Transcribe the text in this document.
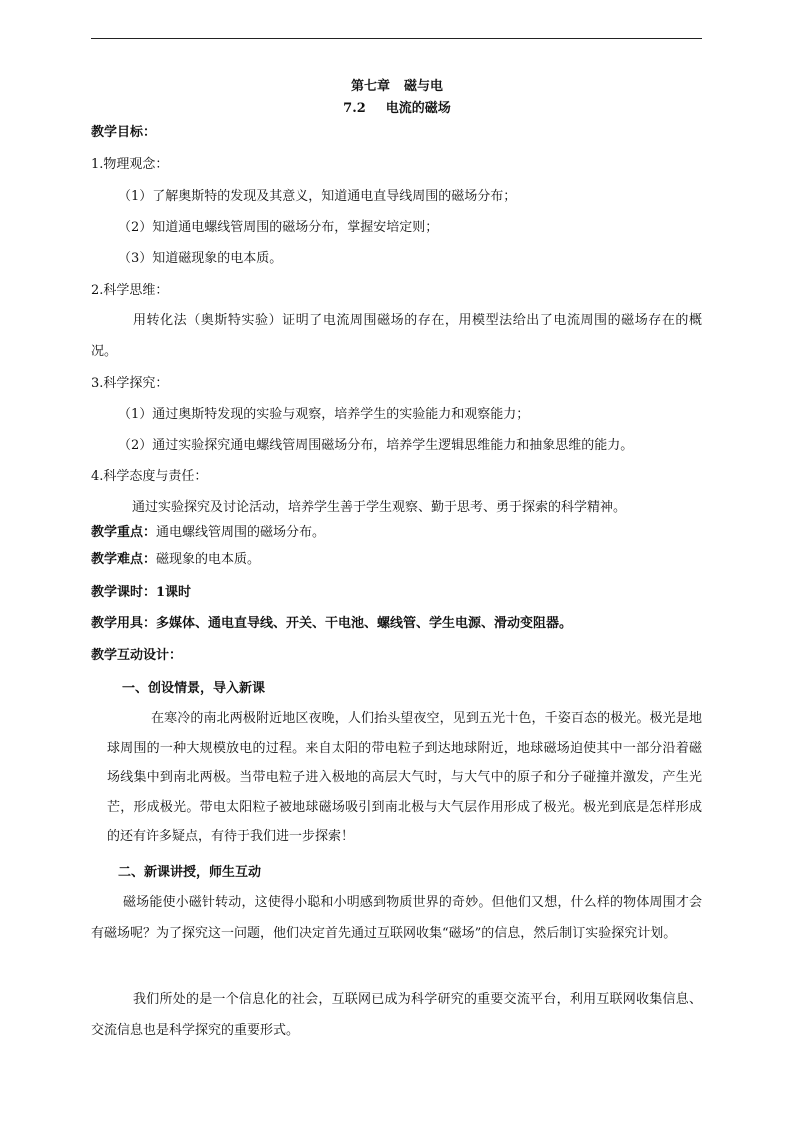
第七章 磁与电
7.2 电流的磁场
教学目标：
1.物理观念：
（1）了解奥斯特的发现及其意义，知道通电直导线周围的磁场分布；
（2）知道通电螺线管周围的磁场分布，掌握安培定则；
（3）知道磁现象的电本质。
2.科学思维：
用转化法（奥斯特实验）证明了电流周围磁场的存在，用模型法给出了电流周围的磁场存在的概况。
3.科学探究：
（1）通过奥斯特发现的实验与观察，培养学生的实验能力和观察能力；
（2）通过实验探究通电螺线管周围磁场分布，培养学生逻辑思维能力和抽象思维的能力。
4.科学态度与责任：
通过实验探究及讨论活动，培养学生善于学生观察、勤于思考、勇于探索的科学精神。
教学重点：通电螺线管周围的磁场分布。
教学难点：磁现象的电本质。
教学课时：1课时
教学用具：多媒体、通电直导线、开关、干电池、螺线管、学生电源、滑动变阻器。
教学互动设计：
一、创设情景，导入新课
在寒冷的南北两极附近地区夜晚，人们抬头望夜空，见到五光十色，千姿百态的极光。极光是地球周围的一种大规模放电的过程。来自太阳的带电粒子到达地球附近，地球磁场迫使其中一部分沿着磁场线集中到南北两极。当带电粒子进入极地的高层大气时，与大气中的原子和分子碰撞并激发，产生光芒，形成极光。带电太阳粒子被地球磁场吸引到南北极与大气层作用形成了极光。极光到底是怎样形成的还有许多疑点，有待于我们进一步探索！
二、新课讲授，师生互动
磁场能使小磁针转动，这使得小聪和小明感到物质世界的奇妙。但他们又想，什么样的物体周围才会有磁场呢？为了探究这一问题，他们决定首先通过互联网收集“磁场”的信息，然后制订实验探究计划。
我们所处的是一个信息化的社会，互联网已成为科学研究的重要交流平台，利用互联网收集信息、交流信息也是科学探究的重要形式。
